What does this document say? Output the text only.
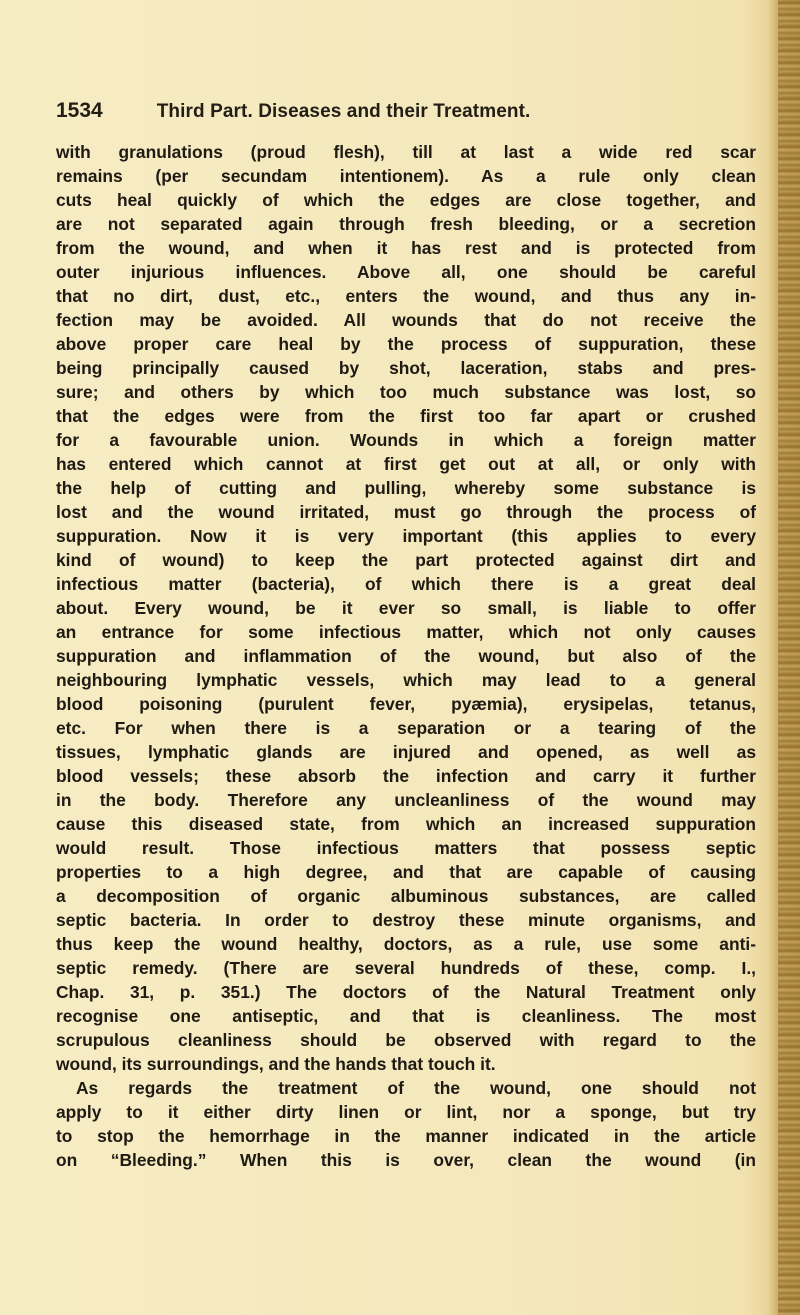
1534	Third Part. Diseases and their Treatment.
with granulations (proud flesh), till at last a wide red scar
remains (per secundam intentionem). As a rule only clean
cuts heal quickly of which the edges are close together, and
are not separated again through fresh bleeding, or a secretion
from the wound, and when it has rest and is protected from
outer injurious influences. Above all, one should be careful
that no dirt, dust, etc., enters the wound, and thus any in-
fection may be avoided. All wounds that do not receive the
above proper care heal by the process of suppuration, these
being principally caused by shot, laceration, stabs and pres-
sure; and others by which too much substance was lost, so
that the edges were from the first too far apart or crushed
for a favourable union. Wounds in which a foreign matter
has entered which cannot at first get out at all, or only with
the help of cutting and pulling, whereby some substance is
lost and the wound irritated, must go through the process of
suppuration. Now it is very important (this applies to every
kind of wound) to keep the part protected against dirt and
infectious matter (bacteria), of which there is a great deal
about. Every wound, be it ever so small, is liable to offer
an entrance for some infectious matter, which not only causes
suppuration and inflammation of the wound, but also of the
neighbouring lymphatic vessels, which may lead to a general
blood poisoning (purulent fever, pyæmia), erysipelas, tetanus,
etc. For when there is a separation or a tearing of the
tissues, lymphatic glands are injured and opened, as well as
blood vessels; these absorb the infection and carry it further
in the body. Therefore any uncleanliness of the wound may
cause this diseased state, from which an increased suppuration
would result. Those infectious matters that possess septic
properties to a high degree, and that are capable of causing
a decomposition of organic albuminous substances, are called
septic bacteria. In order to destroy these minute organisms, and
thus keep the wound healthy, doctors, as a rule, use some anti-
septic remedy. (There are several hundreds of these, comp. I.,
Chap. 31, p. 351.) The doctors of the Natural Treatment only
recognise one antiseptic, and that is cleanliness. The most
scrupulous cleanliness should be observed with regard to the
wound, its surroundings, and the hands that touch it.
As regards the treatment of the wound, one should not
apply to it either dirty linen or lint, nor a sponge, but try
to stop the hemorrhage in the manner indicated in the article
on “Bleeding.” When this is over, clean the wound (in
